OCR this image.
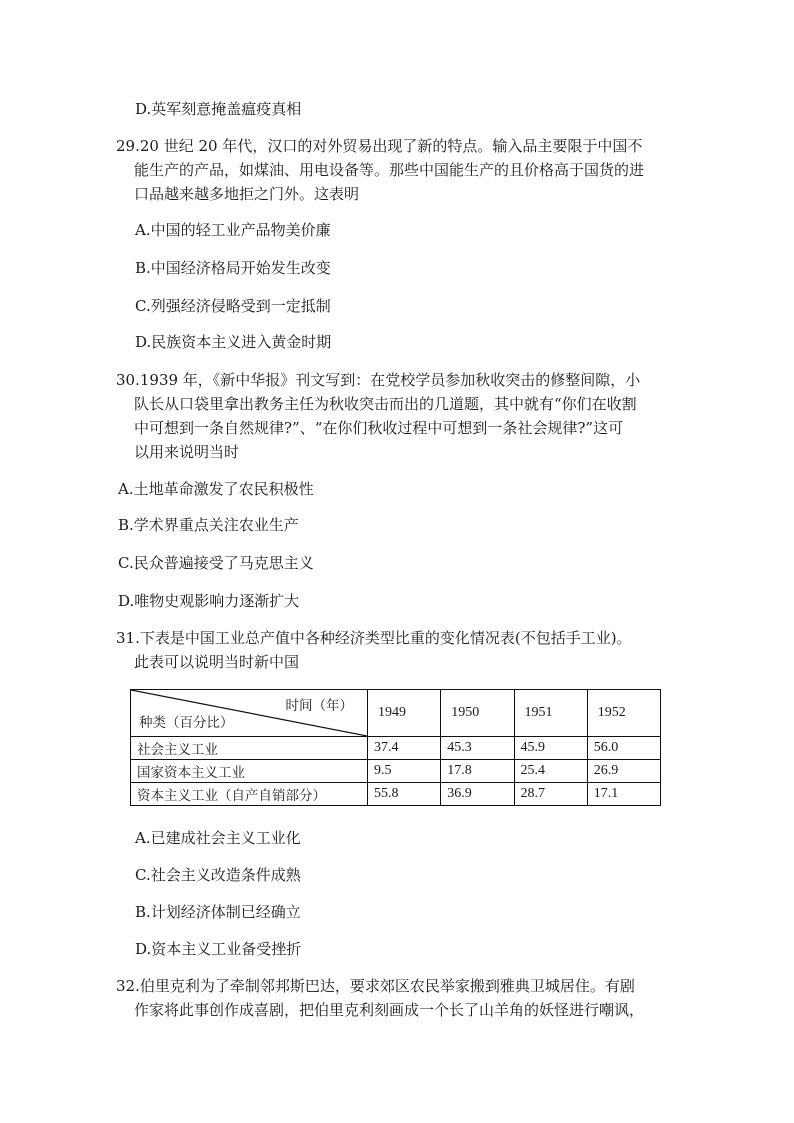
D.英军刻意掩盖瘟疫真相
29.20 世纪 20 年代，汉口的对外贸易出现了新的特点。输入品主要限于中国不
能生产的产品，如煤油、用电设备等。那些中国能生产的且价格高于国货的进
口品越来越多地拒之门外。这表明
A.中国的轻工业产品物美价廉
B.中国经济格局开始发生改变
C.列强经济侵略受到一定抵制
D.民族资本主义进入黄金时期
30.1939 年，《新中华报》刊文写到：在党校学员参加秋收突击的修整间隙，小
队长从口袋里拿出教务主任为秋收突击而出的几道题，其中就有“你们在收割
中可想到一条自然规律?”、“在你们秋收过程中可想到一条社会规律?”这可
以用来说明当时
A.土地革命激发了农民积极性
B.学术界重点关注农业生产
C.民众普遍接受了马克思主义
D.唯物史观影响力逐渐扩大
31.下表是中国工业总产值中各种经济类型比重的变化情况表(不包括手工业)。
此表可以说明当时新中国
时间（年）
种类（百分比）	1949	1950	1951	1952
社会主义工业	37.4	45.3	45.9	56.0
国家资本主义工业	9.5	17.8	25.4	26.9
资本主义工业（自产自销部分）	55.8	36.9	28.7	17.1
A.已建成社会主义工业化
C.社会主义改造条件成熟
B.计划经济体制已经确立
D.资本主义工业备受挫折
32.伯里克利为了牵制邻邦斯巴达，要求郊区农民举家搬到雅典卫城居住。有剧
作家将此事创作成喜剧，把伯里克利刻画成一个长了山羊角的妖怪进行嘲讽，
